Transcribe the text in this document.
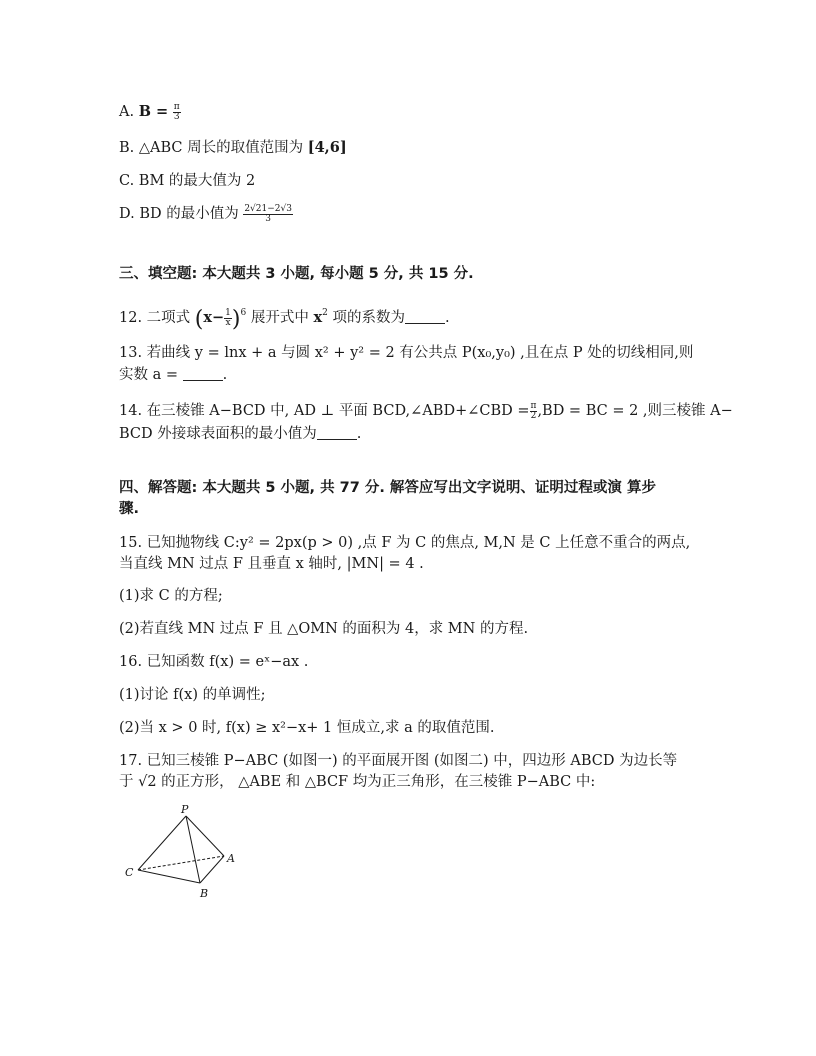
A. $B = \frac{\pi}{3}$
B. △ABC 周长的取值范围为 [4,6]
C. BM 的最大值为 2
D. BD 的最小值为 $\frac{2√21-2√3}{3}$
三、填空题: 本大题共 3 小题, 每小题 5 分, 共 15 分.
12. 二项式 $(x- \frac{1}{x} )^6$ 展开式中 $x^2$ 项的系数为	.
13. 若曲线 y = lnx + a 与圆 x² + y² = 2 有公共点 P(x₀,y₀) ,且在点 P 处的切线相同,则
实数 a =	.
14. 在三棱锥 A−BCD 中, AD ⊥ 平面 BCD,∠ABD+∠CBD = $\frac{\pi}{2} ,BD$ = BC = 2 ,则三棱锥 A−
BCD 外接球表面积的最小值为	.
四、解答题: 本大题共 5 小题, 共 77 分. 解答应写出文字说明、证明过程或演 算步
骤.
15. 已知抛物线 C:y² = 2px(p > 0) ,点 F 为 C 的焦点, M,N 是 C 上任意不重合的两点,
当直线 MN 过点 F 且垂直 x 轴时, |MN| = 4 .
(1)求 C 的方程;
(2)若直线 MN 过点 F 且 △OMN 的面积为 4，求 MN 的方程.
16. 已知函数 f(x) = eˣ−ax .
(1)讨论 f(x) 的单调性;
(2)当 x > 0 时, f(x) ≥ x²−x+ 1 恒成立,求 a 的取值范围.
17. 已知三棱锥 P−ABC (如图一) 的平面展开图 (如图二) 中，四边形 ABCD 为边长等
于 √2 的正方形， △ABE 和 △BCF 均为正三角形，在三棱锥 P−ABC 中:
P
A
B
C
